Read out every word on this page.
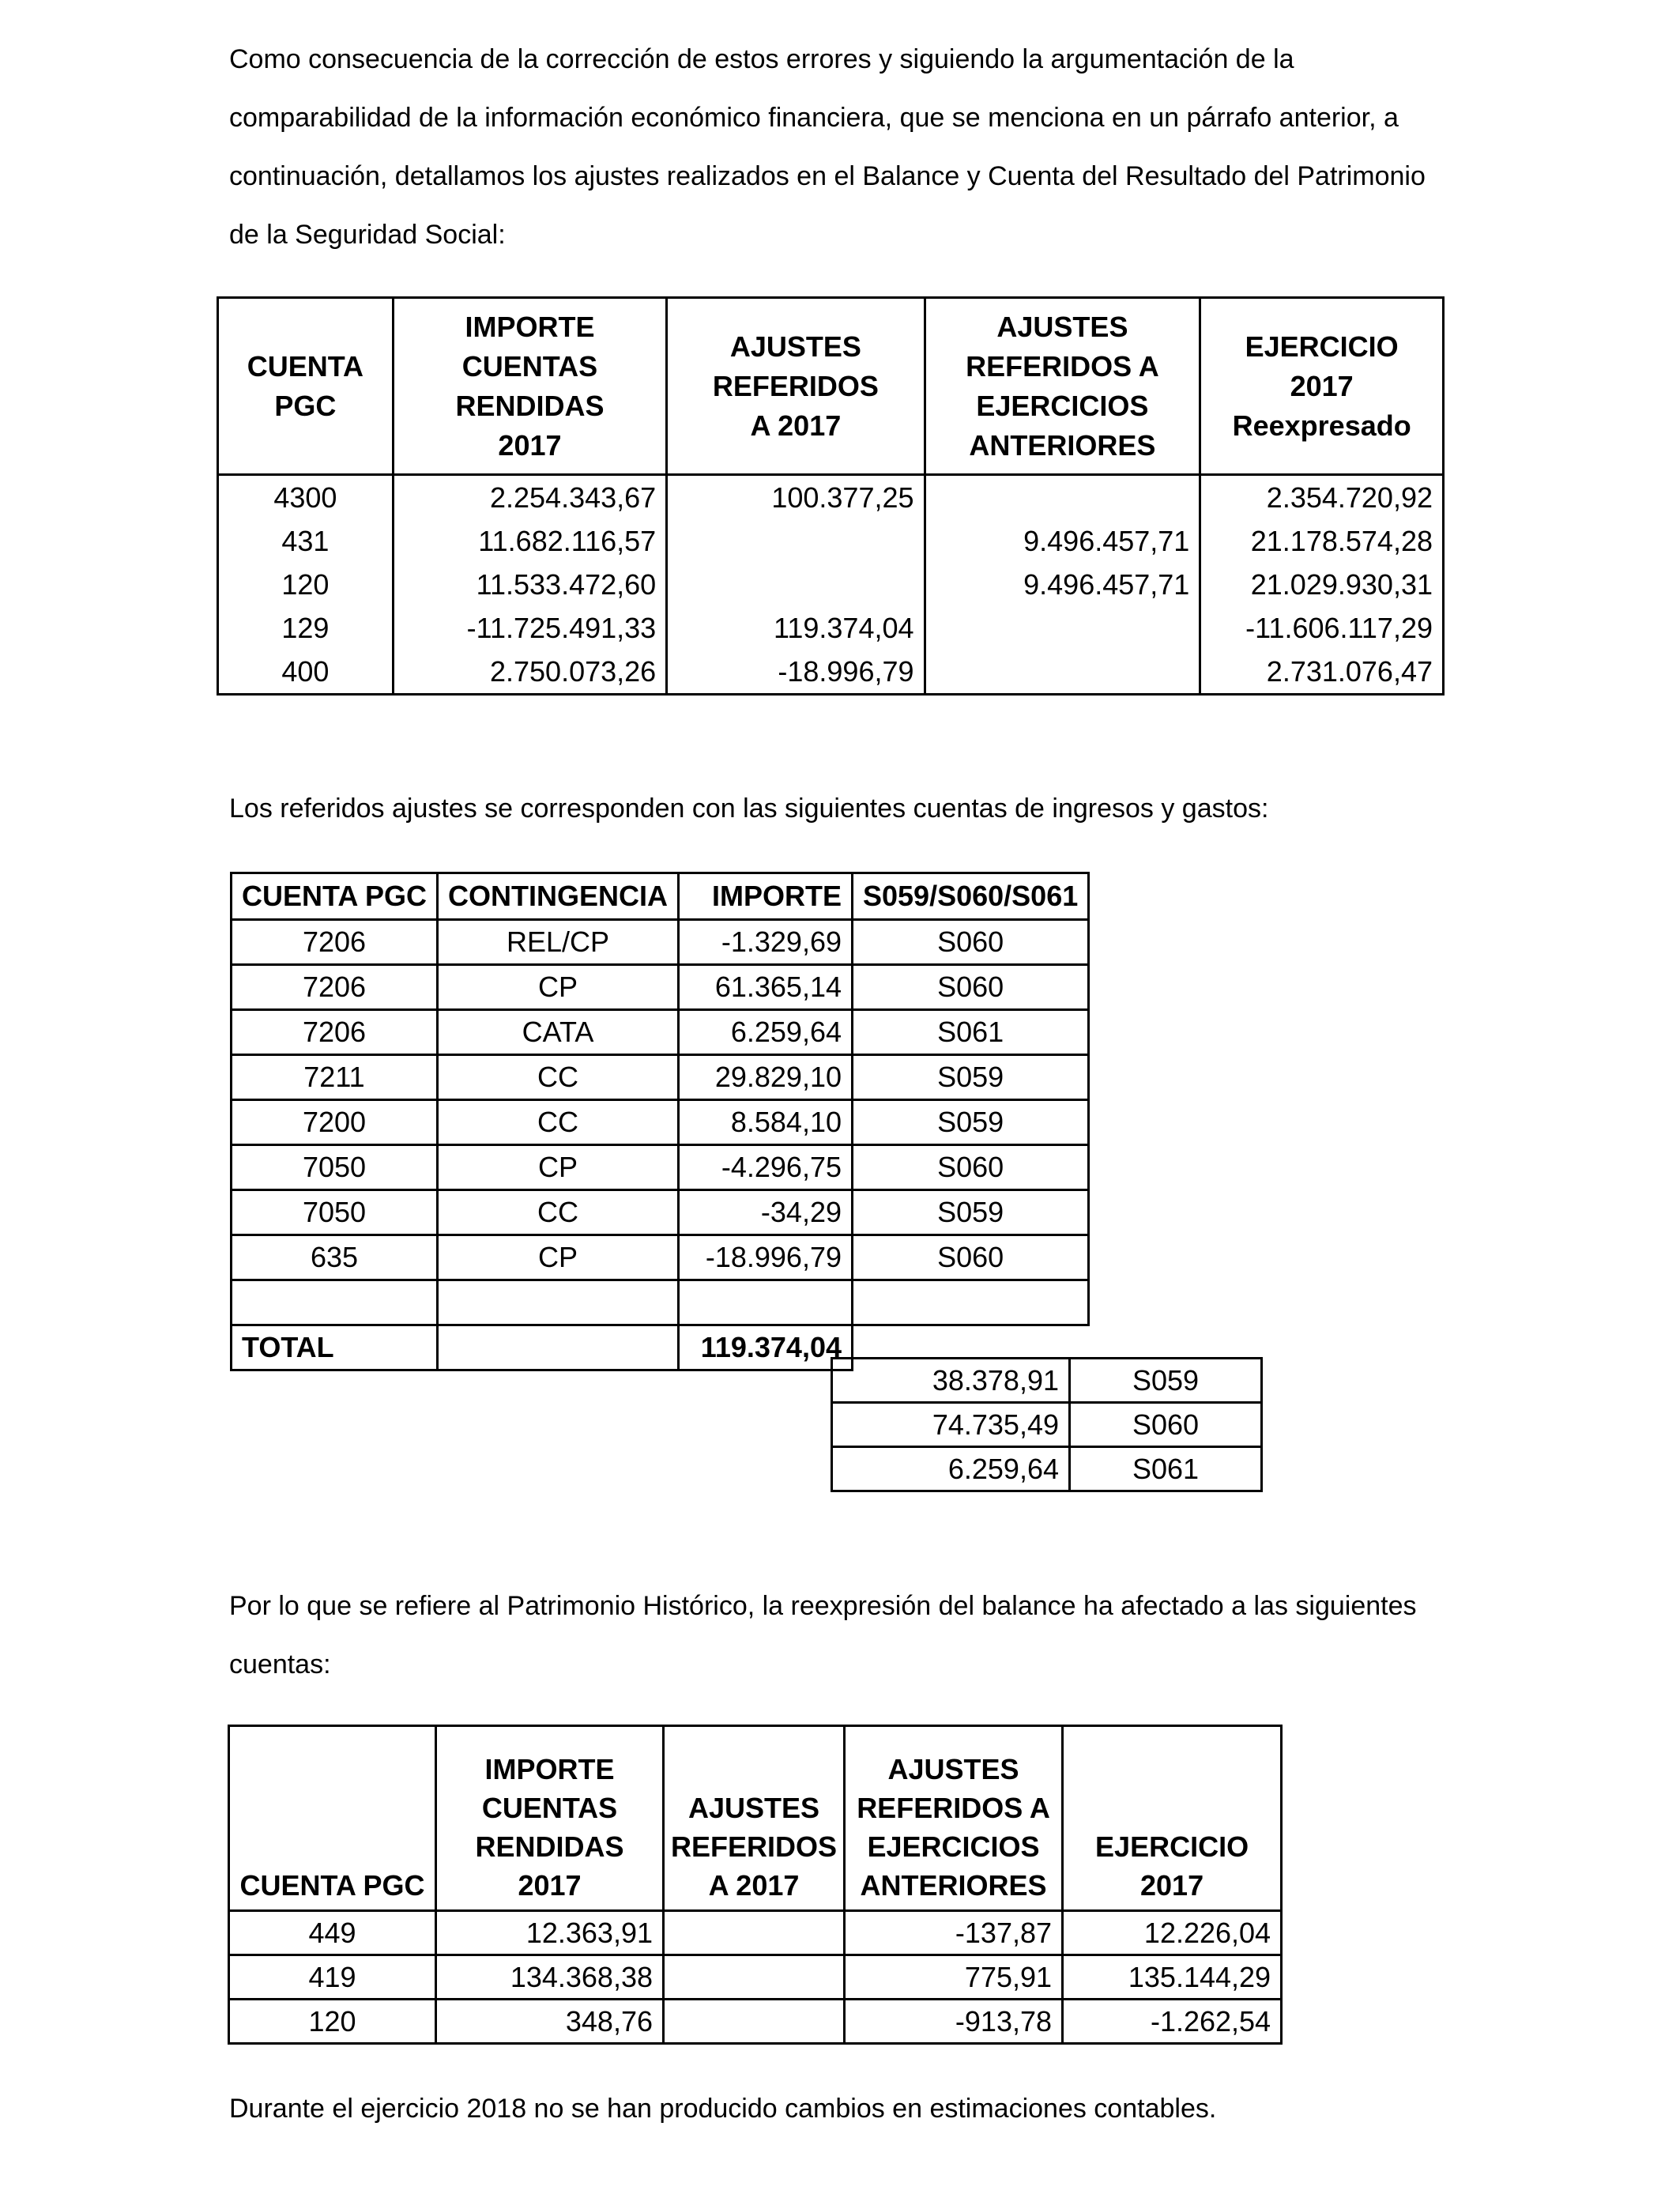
Como consecuencia de la corrección de estos errores y siguiendo la argumentación de la comparabilidad de la información económico financiera, que se menciona en un párrafo anterior, a continuación, detallamos los ajustes realizados en el Balance y Cuenta del Resultado del Patrimonio de la Seguridad Social:

CUENTA PGC	IMPORTE CUENTAS RENDIDAS 2017	AJUSTES REFERIDOS A 2017	AJUSTES REFERIDOS A EJERCICIOS ANTERIORES	EJERCICIO 2017 Reexpresado
4300	2.254.343,67	100.377,25		2.354.720,92
431	11.682.116,57		9.496.457,71	21.178.574,28
120	11.533.472,60		9.496.457,71	21.029.930,31
129	-11.725.491,33	119.374,04		-11.606.117,29
400	2.750.073,26	-18.996,79		2.731.076,47

Los referidos ajustes se corresponden con las siguientes cuentas de ingresos y gastos:

CUENTA PGC	CONTINGENCIA	IMPORTE	S059/S060/S061
7206	REL/CP	-1.329,69	S060
7206	CP	61.365,14	S060
7206	CATA	6.259,64	S061
7211	CC	29.829,10	S059
7200	CC	8.584,10	S059
7050	CP	-4.296,75	S060
7050	CC	-34,29	S059
635	CP	-18.996,79	S060

TOTAL		119.374,04	
38.378,91	S059
74.735,49	S060
6.259,64	S061

Por lo que se refiere al Patrimonio Histórico, la reexpresión del balance ha afectado a las siguientes cuentas:

CUENTA PGC	IMPORTE CUENTAS RENDIDAS 2017	AJUSTES REFERIDOS A 2017	AJUSTES REFERIDOS A EJERCICIOS ANTERIORES	EJERCICIO 2017
449	12.363,91		-137,87	12.226,04
419	134.368,38		775,91	135.144,29
120	348,76		-913,78	-1.262,54

Durante el ejercicio 2018 no se han producido cambios en estimaciones contables.
